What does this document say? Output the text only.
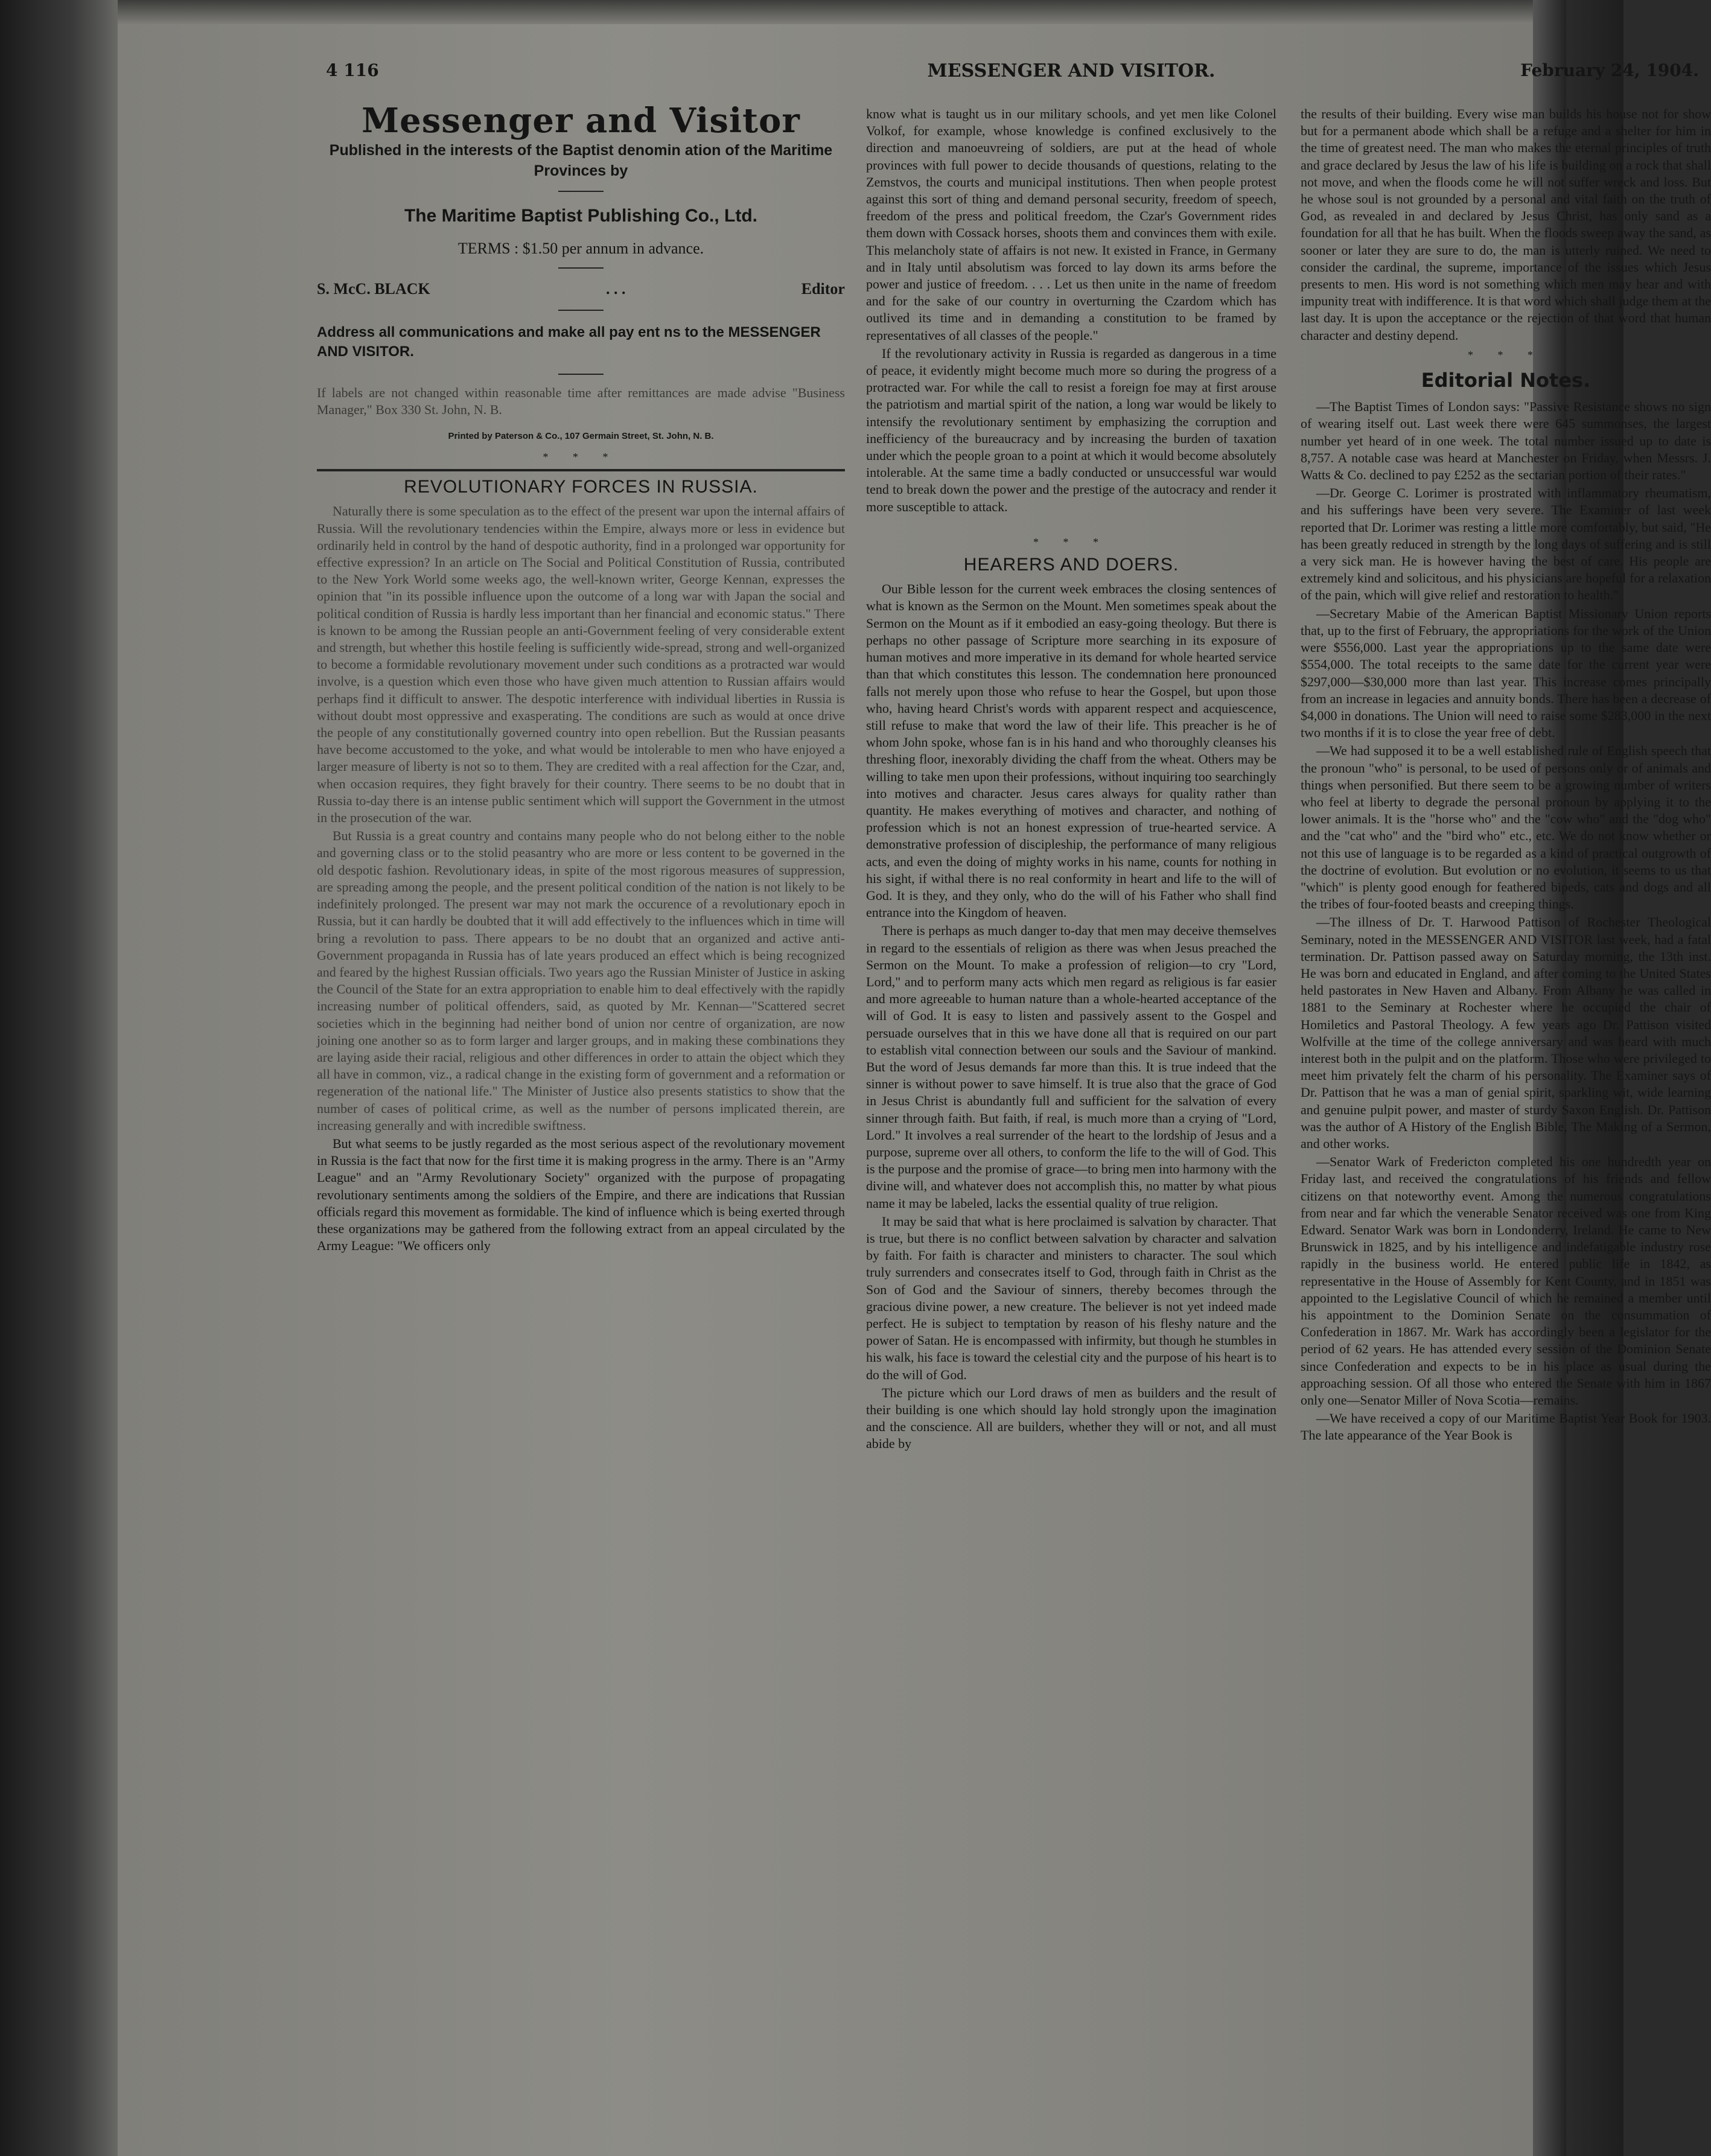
4 116	MESSENGER AND VISITOR.	February 24, 1904.
Messenger and Visitor
Published in the interests of the Baptist denomin ation of the Maritime Provinces by
The Maritime Baptist Publishing Co., Ltd.
TERMS : $1.50 per annum in advance.
S. McC. BLACK	. . .	Editor
Address all communications and make all pay ent ns to the MESSENGER AND VISITOR.
If labels are not changed within reasonable time after remittances are made advise "Business Manager," Box 330 St. John, N. B.
Printed by Paterson & Co., 107 Germain Street, St. John, N. B.
* * *
REVOLUTIONARY FORCES IN RUSSIA.

Naturally there is some speculation as to the effect of the present war upon the internal affairs of Russia. Will the revolutionary tendencies within the Empire, always more or less in evidence but ordinarily held in control by the hand of despotic authority, find in a prolonged war opportunity for effective expression? In an article on The Social and Political Constitution of Russia, contributed to the New York World some weeks ago, the well-known writer, George Kennan, expresses the opinion that "in its possible influence upon the outcome of a long war with Japan the social and political condition of Russia is hardly less important than her financial and economic status." There is known to be among the Russian people an anti-Government feeling of very considerable extent and strength, but whether this hostile feeling is sufficiently wide-spread, strong and well-organized to become a formidable revolutionary movement under such conditions as a protracted war would involve, is a question which even those who have given much attention to Russian affairs would perhaps find it difficult to answer. The despotic interference with individual liberties in Russia is without doubt most oppressive and exasperating. The conditions are such as would at once drive the people of any constitutionally governed country into open rebellion. But the Russian peasants have become accustomed to the yoke, and what would be intolerable to men who have enjoyed a larger measure of liberty is not so to them. They are credited with a real affection for the Czar, and, when occasion requires, they fight bravely for their country. There seems to be no doubt that in Russia to-day there is an intense public sentiment which will support the Government in the utmost in the prosecution of the war.

But Russia is a great country and contains many people who do not belong either to the noble and governing class or to the stolid peasantry who are more or less content to be governed in the old despotic fashion. Revolutionary ideas, in spite of the most rigorous measures of suppression, are spreading among the people, and the present political condition of the nation is not likely to be indefinitely prolonged. The present war may not mark the occurence of a revolutionary epoch in Russia, but it can hardly be doubted that it will add effectively to the influences which in time will bring a revolution to pass. There appears to be no doubt that an organized and active anti-Government propaganda in Russia has of late years produced an effect which is being recognized and feared by the highest Russian officials. Two years ago the Russian Minister of Justice in asking the Council of the State for an extra appropriation to enable him to deal effectively with the rapidly increasing number of political offenders, said, as quoted by Mr. Kennan—"Scattered secret societies which in the beginning had neither bond of union nor centre of organization, are now joining one another so as to form larger and larger groups, and in making these combinations they are laying aside their racial, religious and other differences in order to attain the object which they all have in common, viz., a radical change in the existing form of government and a reformation or regeneration of the national life." The Minister of Justice also presents statistics to show that the number of cases of political crime, as well as the number of persons implicated therein, are increasing generally and with incredible swiftness.

But what seems to be justly regarded as the most serious aspect of the revolutionary movement in Russia is the fact that now for the first time it is making progress in the army. There is an "Army League" and an "Army Revolutionary Society" organized with the purpose of propagating revolutionary sentiments among the soldiers of the Empire, and there are indications that Russian officials regard this movement as formidable. The kind of influence which is being exerted through these organizations may be gathered from the following extract from an appeal circulated by the Army League: "We officers only

know what is taught us in our military schools, and yet men like Colonel Volkof, for example, whose knowledge is confined exclusively to the direction and manoeuvreing of soldiers, are put at the head of whole provinces with full power to decide thousands of questions, relating to the Zemstvos, the courts and municipal institutions. Then when people protest against this sort of thing and demand personal security, freedom of speech, freedom of the press and political freedom, the Czar's Government rides them down with Cossack horses, shoots them and convinces them with exile. This melancholy state of affairs is not new. It existed in France, in Germany and in Italy until absolutism was forced to lay down its arms before the power and justice of freedom. . . . Let us then unite in the name of freedom and for the sake of our country in overturning the Czardom which has outlived its time and in demanding a constitution to be framed by representatives of all classes of the people."

If the revolutionary activity in Russia is regarded as dangerous in a time of peace, it evidently might become much more so during the progress of a protracted war. For while the call to resist a foreign foe may at first arouse the patriotism and martial spirit of the nation, a long war would be likely to intensify the revolutionary sentiment by emphasizing the corruption and inefficiency of the bureaucracy and by increasing the burden of taxation under which the people groan to a point at which it would become absolutely intolerable. At the same time a badly conducted or unsuccessful war would tend to break down the power and the prestige of the autocracy and render it more susceptible to attack.

* * *
HEARERS AND DOERS.

Our Bible lesson for the current week embraces the closing sentences of what is known as the Sermon on the Mount. Men sometimes speak about the Sermon on the Mount as if it embodied an easy-going theology. But there is perhaps no other passage of Scripture more searching in its exposure of human motives and more imperative in its demand for whole hearted service than that which constitutes this lesson. The condemnation here pronounced falls not merely upon those who refuse to hear the Gospel, but upon those who, having heard Christ's words with apparent respect and acquiescence, still refuse to make that word the law of their life. This preacher is he of whom John spoke, whose fan is in his hand and who thoroughly cleanses his threshing floor, inexorably dividing the chaff from the wheat. Others may be willing to take men upon their professions, without inquiring too searchingly into motives and character. Jesus cares always for quality rather than quantity. He makes everything of motives and character, and nothing of profession which is not an honest expression of true-hearted service. A demonstrative profession of discipleship, the performance of many religious acts, and even the doing of mighty works in his name, counts for nothing in his sight, if withal there is no real conformity in heart and life to the will of God. It is they, and they only, who do the will of his Father who shall find entrance into the Kingdom of heaven.

There is perhaps as much danger to-day that men may deceive themselves in regard to the essentials of religion as there was when Jesus preached the Sermon on the Mount. To make a profession of religion—to cry "Lord, Lord," and to perform many acts which men regard as religious is far easier and more agreeable to human nature than a whole-hearted acceptance of the will of God. It is easy to listen and passively assent to the Gospel and persuade ourselves that in this we have done all that is required on our part to establish vital connection between our souls and the Saviour of mankind. But the word of Jesus demands far more than this. It is true indeed that the sinner is without power to save himself. It is true also that the grace of God in Jesus Christ is abundantly full and sufficient for the salvation of every sinner through faith. But faith, if real, is much more than a crying of "Lord, Lord." It involves a real surrender of the heart to the lordship of Jesus and a purpose, supreme over all others, to conform the life to the will of God. This is the purpose and the promise of grace—to bring men into harmony with the divine will, and whatever does not accomplish this, no matter by what pious name it may be labeled, lacks the essential quality of true religion.

It may be said that what is here proclaimed is salvation by character. That is true, but there is no conflict between salvation by character and salvation by faith. For faith is character and ministers to character. The soul which truly surrenders and consecrates itself to God, through faith in Christ as the Son of God and the Saviour of sinners, thereby becomes through the gracious divine power, a new creature. The believer is not yet indeed made perfect. He is subject to temptation by reason of his fleshy nature and the power of Satan. He is encompassed with infirmity, but though he stumbles in his walk, his face is toward the celestial city and the purpose of his heart is to do the will of God.

The picture which our Lord draws of men as builders and the result of their building is one which should lay hold strongly upon the imagination and the conscience. All are builders, whether they will or not, and all must abide by

the results of their building. Every wise man builds his house not for show but for a permanent abode which shall be a refuge and a shelter for him in the time of greatest need. The man who makes the eternal principles of truth and grace declared by Jesus the law of his life is building on a rock that shall not move, and when the floods come he will not suffer wreck and loss. But he whose soul is not grounded by a personal and vital faith on the truth of God, as revealed in and declared by Jesus Christ, has only sand as a foundation for all that he has built. When the floods sweep away the sand, as sooner or later they are sure to do, the man is utterly ruined. We need to consider the cardinal, the supreme, importance of the issues which Jesus presents to men. His word is not something which men may hear and with impunity treat with indifference. It is that word which shall judge them at the last day. It is upon the acceptance or the rejection of that word that human character and destiny depend.

* * *
Editorial Notes.

—The Baptist Times of London says: "Passive Resistance shows no sign of wearing itself out. Last week there were 645 summonses, the largest number yet heard of in one week. The total number issued up to date is 8,757. A notable case was heard at Manchester on Friday, when Messrs. J. Watts & Co. declined to pay £252 as the sectarian portion of their rates."

—Dr. George C. Lorimer is prostrated with inflammatory rheumatism, and his sufferings have been very severe. The Examiner of last week reported that Dr. Lorimer was resting a little more comfortably, but said, "He has been greatly reduced in strength by the long days of suffering and is still a very sick man. He is however having the best of care. His people are extremely kind and solicitous, and his physicians are hopeful for a relaxation of the pain, which will give relief and restoration to health."

—Secretary Mabie of the American Baptist Missionary Union reports that, up to the first of February, the appropriations for the work of the Union were $556,000. Last year the appropriations up to the same date were $554,000. The total receipts to the same date for the current year were $297,000—$30,000 more than last year. This increase comes principally from an increase in legacies and annuity bonds. There has been a decrease of $4,000 in donations. The Union will need to raise some $283,000 in the next two months if it is to close the year free of debt.

—We had supposed it to be a well established rule of English speech that the pronoun "who" is personal, to be used of persons only or of animals and things when personified. But there seem to be a growing number of writers who feel at liberty to degrade the personal pronoun by applying it to the lower animals. It is the "horse who" and the "cow who" and the "dog who" and the "cat who" and the "bird who" etc., etc. We do not know whether or not this use of language is to be regarded as a kind of practical outgrowth of the doctrine of evolution. But evolution or no evolution, it seems to us that "which" is plenty good enough for feathered bipeds, cats and dogs and all the tribes of four-footed beasts and creeping things.

—The illness of Dr. T. Harwood Pattison of Rochester Theological Seminary, noted in the MESSENGER AND VISITOR last week, had a fatal termination. Dr. Pattison passed away on Saturday morning, the 13th inst. He was born and educated in England, and after coming to the United States held pastorates in New Haven and Albany. From Albany he was called in 1881 to the Seminary at Rochester where he occupied the chair of Homiletics and Pastoral Theology. A few years ago Dr. Pattison visited Wolfville at the time of the college anniversary and was heard with much interest both in the pulpit and on the platform. Those who were privileged to meet him privately felt the charm of his personality. The Examiner says of Dr. Pattison that he was a man of genial spirit, sparkling wit, wide learning and genuine pulpit power, and master of sturdy Saxon English. Dr. Pattison was the author of A History of the English Bible, The Making of a Sermon, and other works.

—Senator Wark of Fredericton completed his one hundredth year on Friday last, and received the congratulations of his friends and fellow citizens on that noteworthy event. Among the numerous congratulations from near and far which the venerable Senator received was one from King Edward. Senator Wark was born in Londonderry, Ireland. He came to New Brunswick in 1825, and by his intelligence and indefatigable industry rose rapidly in the business world. He entered public life in 1842, as representative in the House of Assembly for Kent County, and in 1851 was appointed to the Legislative Council of which he remained a member until his appointment to the Dominion Senate on the consummation of Confederation in 1867. Mr. Wark has accordingly been a legislator for the period of 62 years. He has attended every session of the Dominion Senate since Confederation and expects to be in his place as usual during the approaching session. Of all those who entered the Senate with him in 1867 only one—Senator Miller of Nova Scotia—remains.

—We have received a copy of our Maritime Baptist Year Book for 1903. The late appearance of the Year Book is
